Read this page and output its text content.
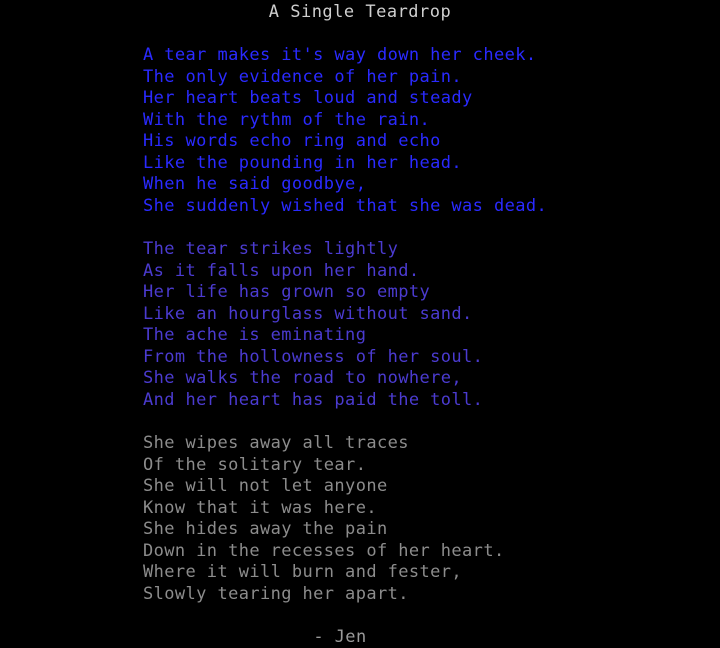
A Single Teardrop
A tear makes it's way down her cheek.
The only evidence of her pain.
Her heart beats loud and steady
With the rythm of the rain.
His words echo ring and echo
Like the pounding in her head.
When he said goodbye,
She suddenly wished that she was dead.
The tear strikes lightly
As it falls upon her hand.
Her life has grown so empty
Like an hourglass without sand.
The ache is eminating
From the hollowness of her soul.
She walks the road to nowhere,
And her heart has paid the toll.
She wipes away all traces
Of the solitary tear.
She will not let anyone
Know that it was here.
She hides away the pain
Down in the recesses of her heart.
Where it will burn and fester,
Slowly tearing her apart.
- Jen
